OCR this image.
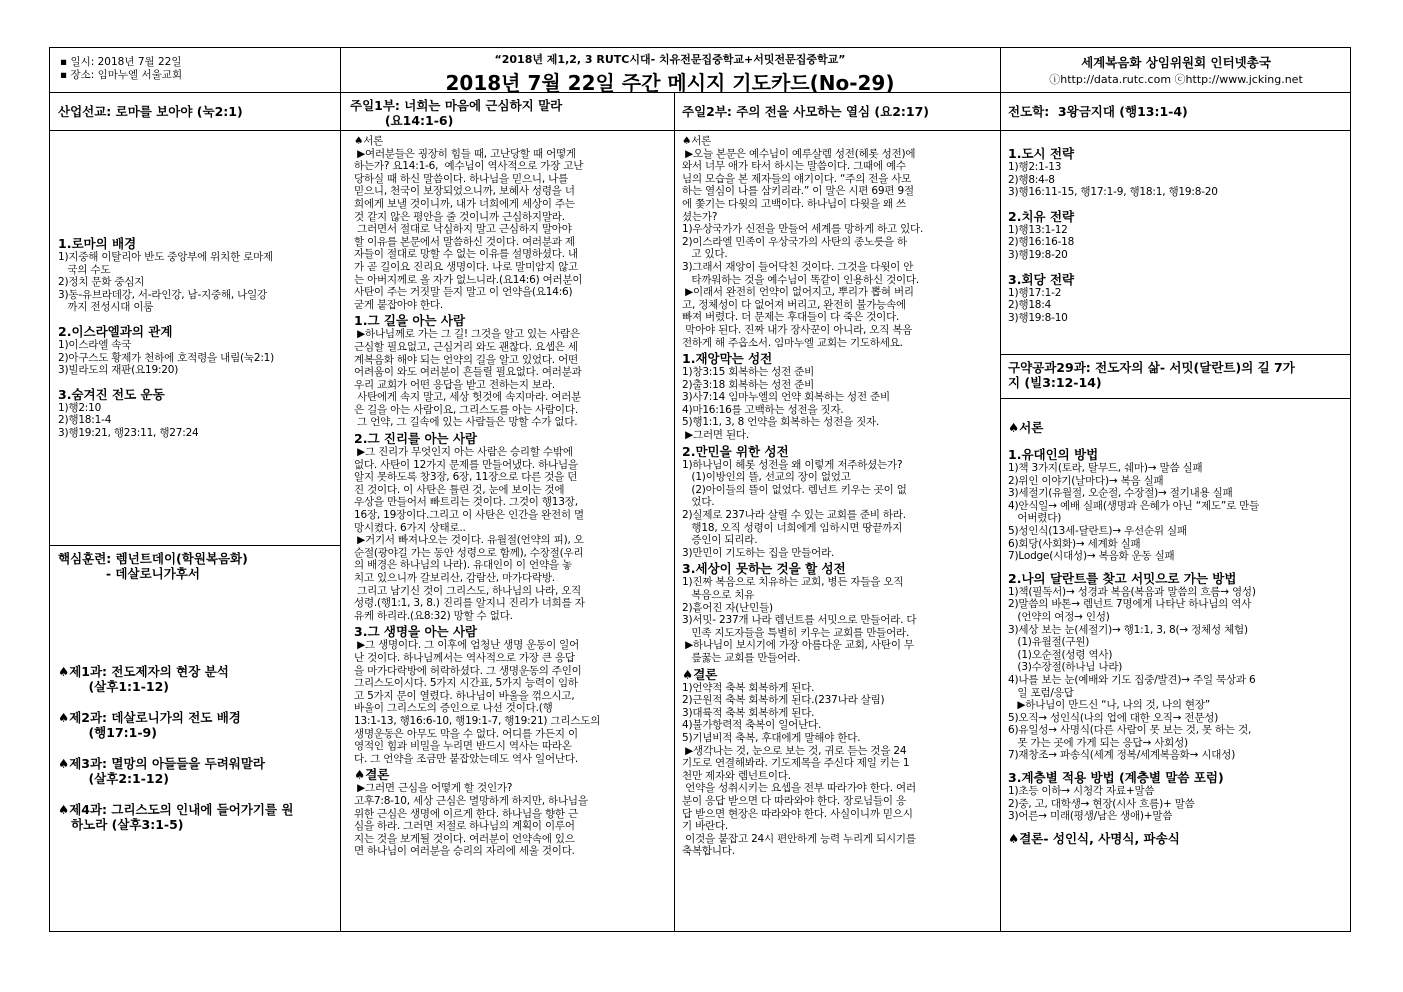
▪ 일시: 2018년 7월 22일
▪ 장소: 임마누엘 서울교회
“2018년 제1,2, 3 RUTC시대- 치유전문집중학교+서밋전문집중학교”
2018년 7월 22일 주간 메시지 기도카드(No-29)
세계복음화 상임위원회 인터넷총국
ⓘhttp://data.rutc.com ⓒhttp://www.jcking.net
산업선교: 로마를 보아야 (눅2:1)	주일1부: 너희는 마음에 근심하지 말라
(요14:1-6)
주일2부: 주의 전을 사모하는 열심 (요2:17)	전도학:  3왕금지대 (행13:1-4)
1.로마의 배경
1)지중해 이탈리아 반도 중앙부에 위치한 로마제
국의 수도
2)정치 문화 중심지
3)동-유브라데강, 서-라인강, 남-지중해, 나일강
까지 전성시대 이룸
2.이스라엘과의 관계
1)이스라엘 속국
2)아구스도 황제가 천하에 호적령을 내림(눅2:1)
3)빌라도의 재판(요19:20)
3.숨겨진 전도 운동
1)행2:10
2)행18:1-4
3)행19:21, 행23:11, 행27:24
핵심훈련: 렘넌트데이(학원복음화)
- 데살로니가후서
♠제1과: 전도제자의 현장 분석
(살후1:1-12)
♠제2과: 데살로니가의 전도 배경
(행17:1-9)
♠제3과: 멸망의 아들들을 두려워말라
(살후2:1-12)
♠제4과: 그리스도의 인내에 들어가기를 원
하노라 (살후3:1-5)
♠서론
▶여러분들은 굉장히 힘들 때, 고난당할 때 어떻게
하는가? 요14:1-6,  예수님이 역사적으로 가장 고난
당하실 때 하신 말씀이다. 하나님을 믿으니, 나를
믿으니, 천국이 보장되었으니까, 보혜사 성령을 너
희에게 보낼 것이니까, 내가 너희에게 세상이 주는
것 같지 않은 평안을 줄 것이니까 근심하지말라.
그러면서 절대로 낙심하지 말고 근심하지 말아야
할 이유를 본문에서 말씀하신 것이다. 여러분과 제
자들이 절대로 망할 수 없는 이유를 설명하셨다. 내
가 곧 길이요 진리요 생명이다. 나로 말미암지 않고
는 아버지께로 올 자가 없느니라.(요14:6) 여러분이
사탄이 주는 거짓말 듣지 말고 이 언약을(요14:6)
굳게 붙잡아야 한다.
1.그 길을 아는 사람
▶하나님께로 가는 그 길! 그것을 알고 있는 사람은
근심할 필요없고, 근심거리 와도 괜찮다. 요셉은 세
계복음화 해야 되는 언약의 길을 알고 있었다. 어떤
어려움이 와도 여러분이 흔들릴 필요없다. 여러분과
우리 교회가 어떤 응답을 받고 전하는지 보라.
사탄에게 속지 말고, 세상 헛것에 속지마라. 여러분
은 길을 아는 사람이요, 그리스도를 아는 사람이다.
그 언약, 그 길속에 있는 사람들은 망할 수가 없다.
2.그 진리를 아는 사람
▶그 진리가 무엇인지 아는 사람은 승리할 수밖에
없다. 사탄이 12가지 문제를 만들어냈다. 하나님을
알지 못하도록 창3장, 6장, 11장으로 다른 것을 던
진 것이다. 이 사탄은 틀린 것, 눈에 보이는 것에
우상을 만들어서 빠트리는 것이다. 그것이 행13장,
16장, 19장이다.그리고 이 사탄은 인간을 완전히 멸
망시켰다. 6가지 상태로..
▶거기서 빠져나오는 것이다. 유월절(언약의 피), 오
순절(광야길 가는 동안 성령으로 함께), 수장절(우리
의 배경은 하나님의 나라). 유대인이 이 언약을 놓
치고 있으니까 갈보리산, 감람산, 마가다락방.
그리고 남기신 것이 그리스도, 하나님의 나라, 오직
성령.(행1:1, 3, 8.) 진리를 알지니 진리가 너희를 자
유케 하리라.(요8:32) 망할 수 없다.
3.그 생명을 아는 사람
▶그 생명이다. 그 이후에 엄청난 생명 운동이 일어
난 것이다. 하나님께서는 역사적으로 가장 큰 응답
을 마가다락방에 허락하셨다. 그 생명운동의 주인이
그리스도이시다. 5가지 시간표, 5가지 능력이 임하
고 5가지 문이 열렸다. 하나님이 바울을 꺾으시고,
바울이 그리스도의 증인으로 나선 것이다.(행
13:1-13, 행16:6-10, 행19:1-7, 행19:21) 그리스도의
생명운동은 아무도 막을 수 없다. 어디를 가든지 이
영적인 힘과 비밀을 누리면 반드시 역사는 따라온
다. 그 언약을 조금만 붙잡았는데도 역사 일어난다.
♠결론
▶그러면 근심을 어떻게 할 것인가?
고후7:8-10, 세상 근심은 멸망하게 하지만, 하나님을
위한 근심은 생명에 이르게 한다. 하나님을 향한 근
심을 하라. 그러면 저절로 하나님의 계획이 이루어
지는 것을 보게될 것이다. 여러분이 언약속에 있으
면 하나님이 여러분을 승리의 자리에 세울 것이다.
♠서론
▶오늘 본문은 예수님이 예루살렘 성전(헤롯 성전)에
와서 너무 애가 타서 하시는 말씀이다. 그때에 예수
님의 모습을 본 제자들의 얘기이다. “주의 전을 사모
하는 열심이 나를 삼키리라.” 이 말은 시편 69편 9절
에 쫓기는 다윗의 고백이다. 하나님이 다윗을 왜 쓰
셨는가?
1)우상국가가 신전을 만들어 세계를 망하게 하고 있다.
2)이스라엘 민족이 우상국가의 사탄의 종노릇을 하
고 있다.
3)그래서 재앙이 들어닥친 것이다. 그것을 다윗이 안
타까워하는 것을 예수님이 똑같이 인용하신 것이다.
▶이래서 완전히 언약이 없어지고, 뿌리가 뽑혀 버리
고, 정체성이 다 없어져 버리고, 완전히 불가능속에
빠져 버렸다. 더 문제는 후대들이 다 죽은 것이다.
막아야 된다. 진짜 내가 장사꾼이 아니라, 오직 복음
전하게 해 주옵소서. 임마누엘 교회는 기도하세요.
1.재앙막는 성전
1)창3:15 회복하는 성전 준비
2)출3:18 회복하는 성전 준비
3)사7:14 임마누엘의 언약 회복하는 성전 준비
4)마16:16를 고백하는 성전을 짓자.
5)행1:1, 3, 8 언약을 회복하는 성전을 짓자.
▶그러면 된다.
2.만민을 위한 성전
1)하나님이 헤롯 성전을 왜 이렇게 저주하셨는가?
(1)이방인의 뜰, 선교의 장이 없었고
(2)아이들의 뜰이 없었다. 렘넌트 키우는 곳이 없
었다.
2)실제로 237나라 살릴 수 있는 교회를 준비 하라.
행18, 오직 성령이 너희에게 임하시면 땅끝까지
증인이 되리라.
3)만민이 기도하는 집을 만들어라.
3.세상이 못하는 것을 할 성전
1)진짜 복음으로 치유하는 교회, 병든 자들을 오직
복음으로 치유
2)흩어진 자(난민들)
3)서밋- 237개 나라 렘넌트를 서밋으로 만들어라. 다
민족 지도자들을 특별히 키우는 교회를 만들어라.
▶하나님이 보시기에 가장 아름다운 교회, 사탄이 무
릎꿇는 교회를 만들어라.
♠결론
1)언약적 축복 회복하게 된다.
2)근원적 축복 회복하게 된다.(237나라 살림)
3)대륙적 축복 회복하게 된다.
4)불가항력적 축복이 일어난다.
5)기념비적 축복, 후대에게 말해야 한다.
▶생각나는 것, 눈으로 보는 것, 귀로 듣는 것을 24
기도로 연결해봐라. 기도제목을 주신다 제일 키는 1
천만 제자와 렘넌트이다.
언약을 성취시키는 요셉을 전부 따라가야 한다. 여러
분이 응답 받으면 다 따라와야 한다. 장로님들이 응
답 받으면 현장은 따라와야 한다. 사실이니까 믿으시
기 바란다.
이것을 붙잡고 24시 편안하게 능력 누리게 되시기를
축복합니다.
1.도시 전략
1)행2:1-13
2)행8:4-8
3)행16:11-15, 행17:1-9, 행18:1, 행19:8-20
2.치유 전략
1)행13:1-12
2)행16:16-18
3)행19:8-20
3.회당 전략
1)행17:1-2
2)행18:4
3)행19:8-10
구약공과29과: 전도자의 삶- 서밋(달란트)의 길 7가
지 (빌3:12-14)
♠서론
1.유대인의 방법
1)책 3가지(토라, 탈무드, 쉐마)→ 말씀 실패
2)위인 이야기(날마다)→ 복음 실패
3)세절기(유월절, 오순절, 수장절)→ 절기내용 실패
4)안식일→ 예배 실패(생명과 은혜가 아닌 “제도”로 만들
어버렸다)
5)성인식(13세-달란트)→ 우선순위 실패
6)회당(사회화)→ 세계화 실패
7)Lodge(시대성)→ 복음화 운동 실패
2.나의 달란트를 찾고 서밋으로 가는 방법
1)책(필독서)→ 성경과 복음(복음과 말씀의 흐름→ 영성)
2)말씀의 바톤→ 렘넌트 7명에게 나타난 하나님의 역사
(언약의 여정→ 인성)
3)세상 보는 눈(세절기)→ 행1:1, 3, 8(→ 정체성 체험)
(1)유월절(구원)
(1)오순절(성령 역사)
(3)수장절(하나님 나라)
4)나를 보는 눈(예배와 기도 집중/발견)→ 주일 묵상과 6
일 포럼/응답
▶하나님이 만드신 “나, 나의 것, 나의 현장”
5)오직→ 성인식(나의 업에 대한 오직→ 전문성)
6)유일성→ 사명식(다른 사람이 못 보는 것, 못 하는 것,
못 가는 곳에 가게 되는 응답→ 사회성)
7)재창조→ 파송식(세계 정복/세계복음화→ 시대성)
3.계층별 적용 방법 (계층별 말씀 포럼)
1)초등 이하→ 시청각 자료+말씀
2)중, 고, 대학생→ 현장(시사 흐름)+ 말씀
3)어른→ 미래(평생/남은 생애)+말씀
♠결론- 성인식, 사명식, 파송식
